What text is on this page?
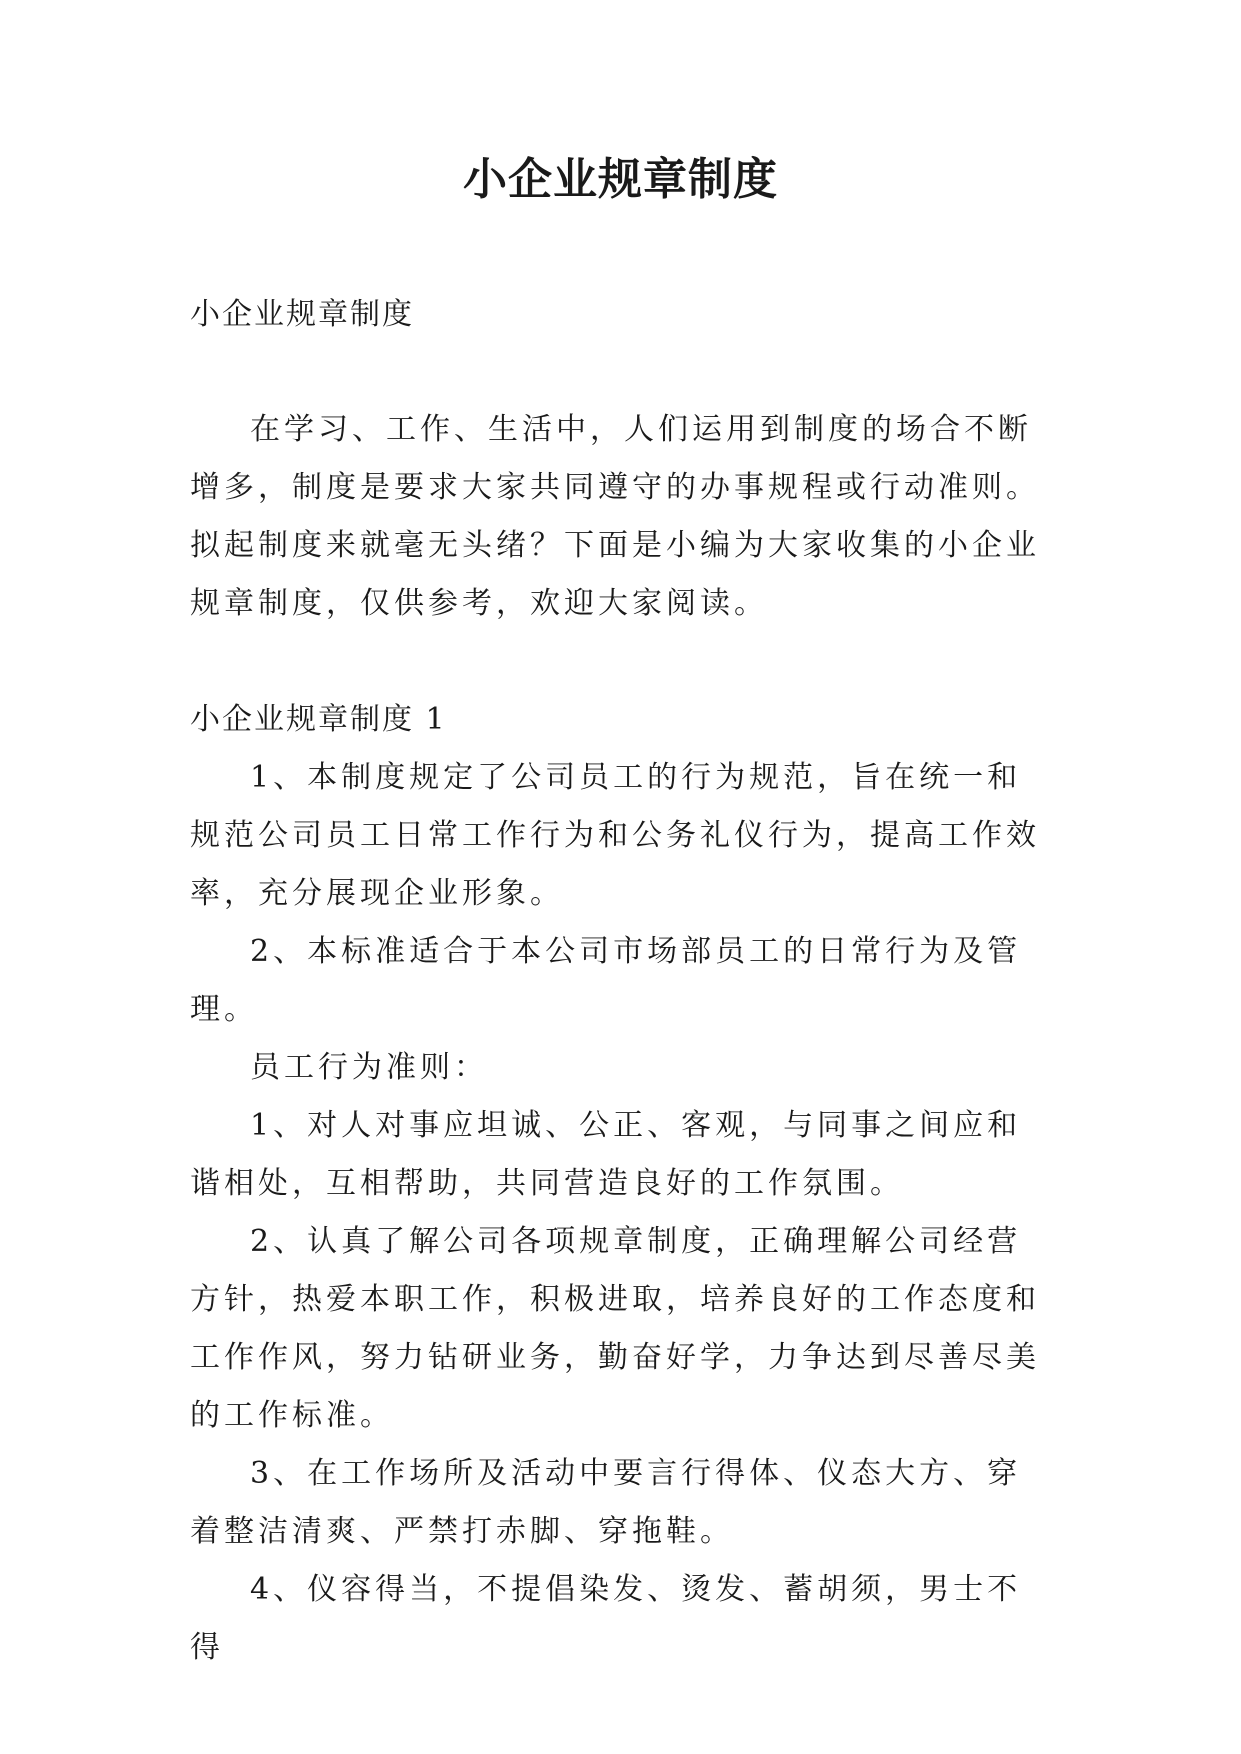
小企业规章制度
小企业规章制度

在学习、工作、生活中，人们运用到制度的场合不断增多，制度是要求大家共同遵守的办事规程或行动准则。拟起制度来就毫无头绪？下面是小编为大家收集的小企业规章制度，仅供参考，欢迎大家阅读。

小企业规章制度 1

1、本制度规定了公司员工的行为规范，旨在统一和规范公司员工日常工作行为和公务礼仪行为，提高工作效率，充分展现企业形象。

2、本标准适合于本公司市场部员工的日常行为及管理。

员工行为准则：

1、对人对事应坦诚、公正、客观，与同事之间应和谐相处，互相帮助，共同营造良好的工作氛围。

2、认真了解公司各项规章制度，正确理解公司经营方针，热爱本职工作，积极进取，培养良好的工作态度和工作作风，努力钻研业务，勤奋好学，力争达到尽善尽美的工作标准。

3、在工作场所及活动中要言行得体、仪态大方、穿着整洁清爽、严禁打赤脚、穿拖鞋。

4、仪容得当，不提倡染发、烫发、蓄胡须，男士不得
